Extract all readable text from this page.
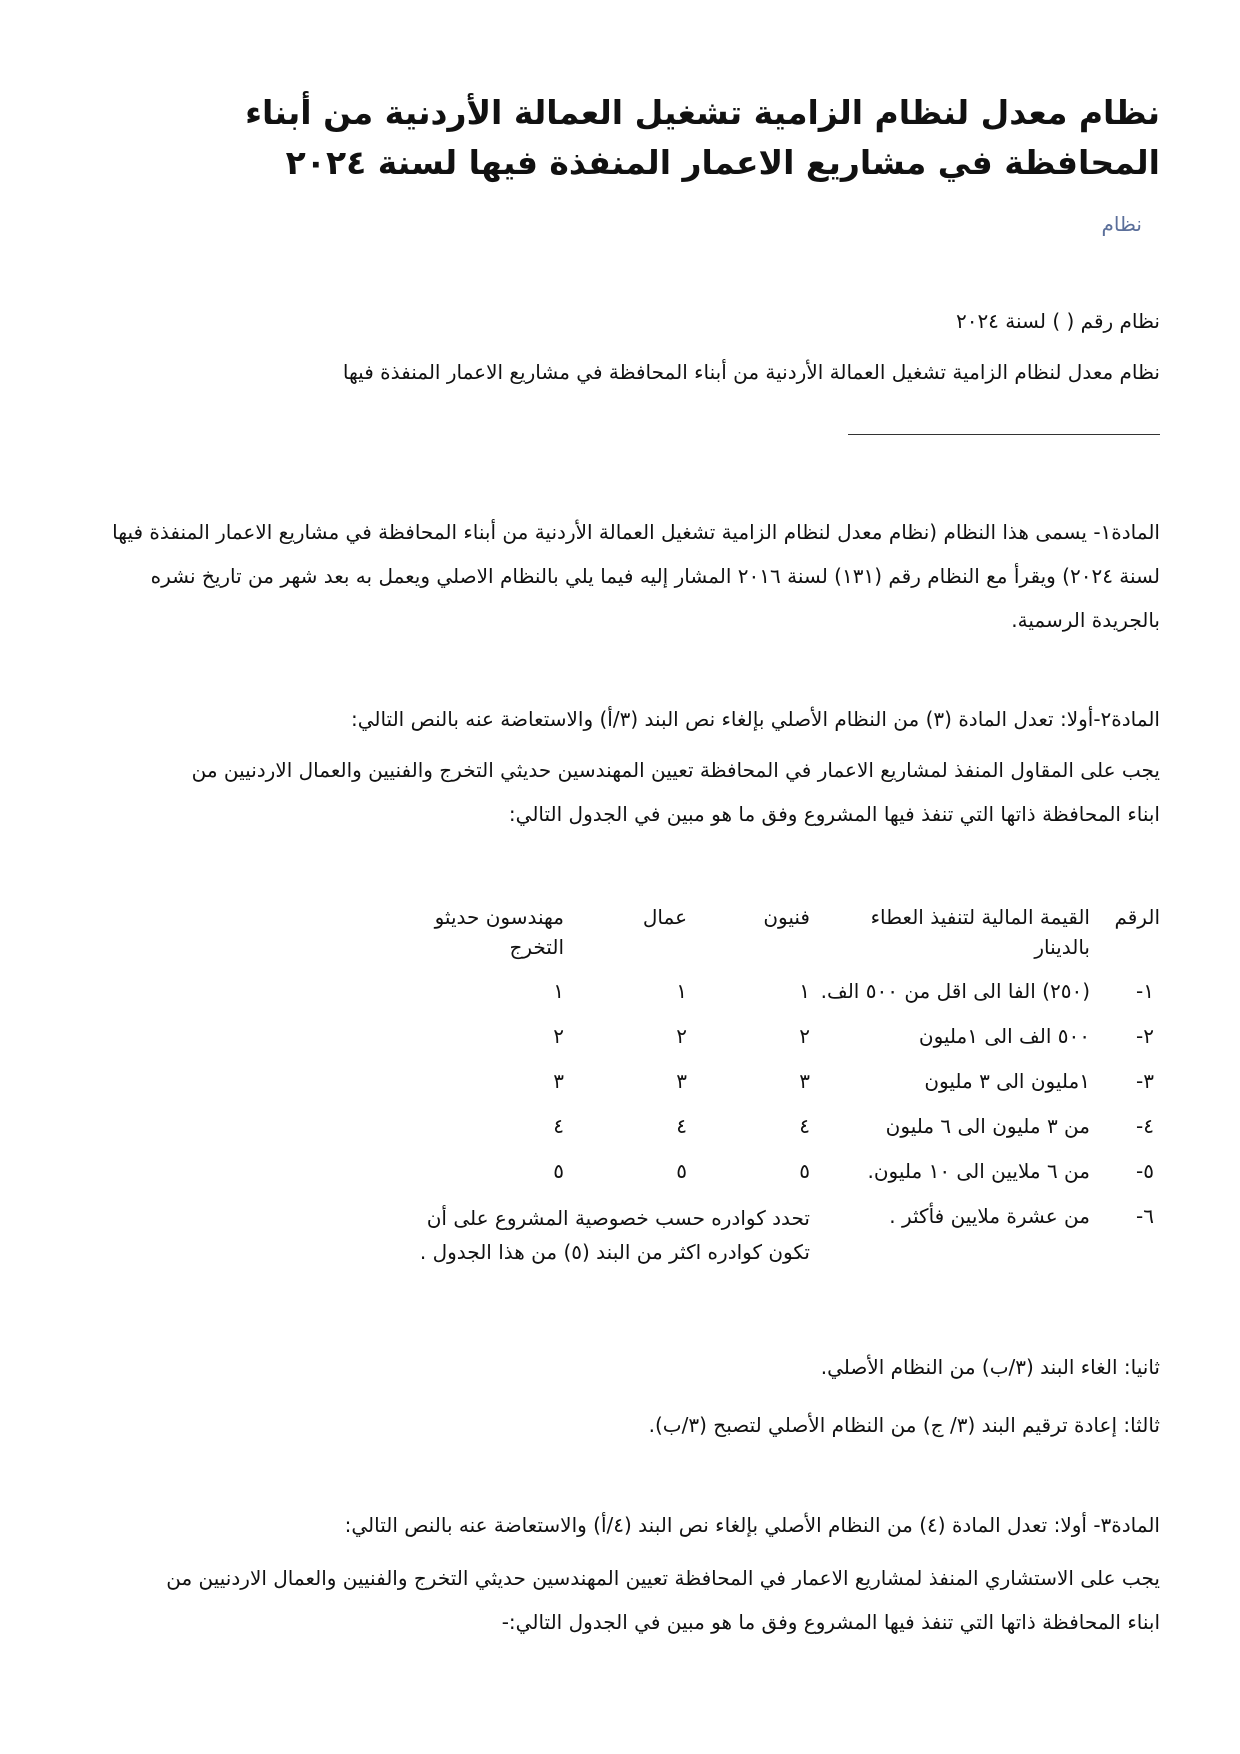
نظام معدل لنظام الزامية تشغيل العمالة الأردنية من أبناء المحافظة في مشاريع الاعمار المنفذة فيها لسنة ٢٠٢٤
نظام

نظام رقم ( ) لسنة ٢٠٢٤

نظام معدل لنظام الزامية تشغيل العمالة الأردنية من أبناء المحافظة في مشاريع الاعمار المنفذة فيها

المادة١- يسمى هذا النظام (نظام معدل لنظام الزامية تشغيل العمالة الأردنية من أبناء المحافظة في مشاريع الاعمار المنفذة فيها لسنة ٢٠٢٤) ويقرأ مع النظام رقم (١٣١) لسنة ٢٠١٦ المشار إليه فيما يلي بالنظام الاصلي ويعمل به بعد شهر من تاريخ نشره بالجريدة الرسمية.

المادة٢-أولا: تعدل المادة (٣) من النظام الأصلي بإلغاء نص البند (٣/أ) والاستعاضة عنه بالنص التالي:

يجب على المقاول المنفذ لمشاريع الاعمار في المحافظة تعيين المهندسين حديثي التخرج والفنيين والعمال الاردنيين من ابناء المحافظة ذاتها التي تنفذ فيها المشروع وفق ما هو مبين في الجدول التالي:

الرقم	القيمة المالية لتنفيذ العطاء بالدينار	فنيون	عمال	مهندسون حديثو التخرج
١-	(٢٥٠) الفا الى اقل من ٥٠٠ الف.	١	١	١
٢-	٥٠٠ الف الى ١مليون	٢	٢	٢
٣-	١مليون الى ٣ مليون	٣	٣	٣
٤-	من ٣ مليون الى ٦ مليون	٤	٤	٤
٥-	من ٦ ملايين الى ١٠ مليون.	٥	٥	٥
٦-	من عشرة ملايين فأكثر .	تحدد كوادره حسب خصوصية المشروع على أن تكون كوادره اكثر من البند (٥) من هذا الجدول .		

ثانيا: الغاء البند (٣/ب) من النظام الأصلي.

ثالثا: إعادة ترقيم البند (٣/ ج) من النظام الأصلي لتصبح (٣/ب).

المادة٣- أولا: تعدل المادة (٤) من النظام الأصلي بإلغاء نص البند (٤/أ) والاستعاضة عنه بالنص التالي:

يجب على الاستشاري المنفذ لمشاريع الاعمار في المحافظة تعيين المهندسين حديثي التخرج والفنيين والعمال الاردنيين من ابناء المحافظة ذاتها التي تنفذ فيها المشروع وفق ما هو مبين في الجدول التالي:-
